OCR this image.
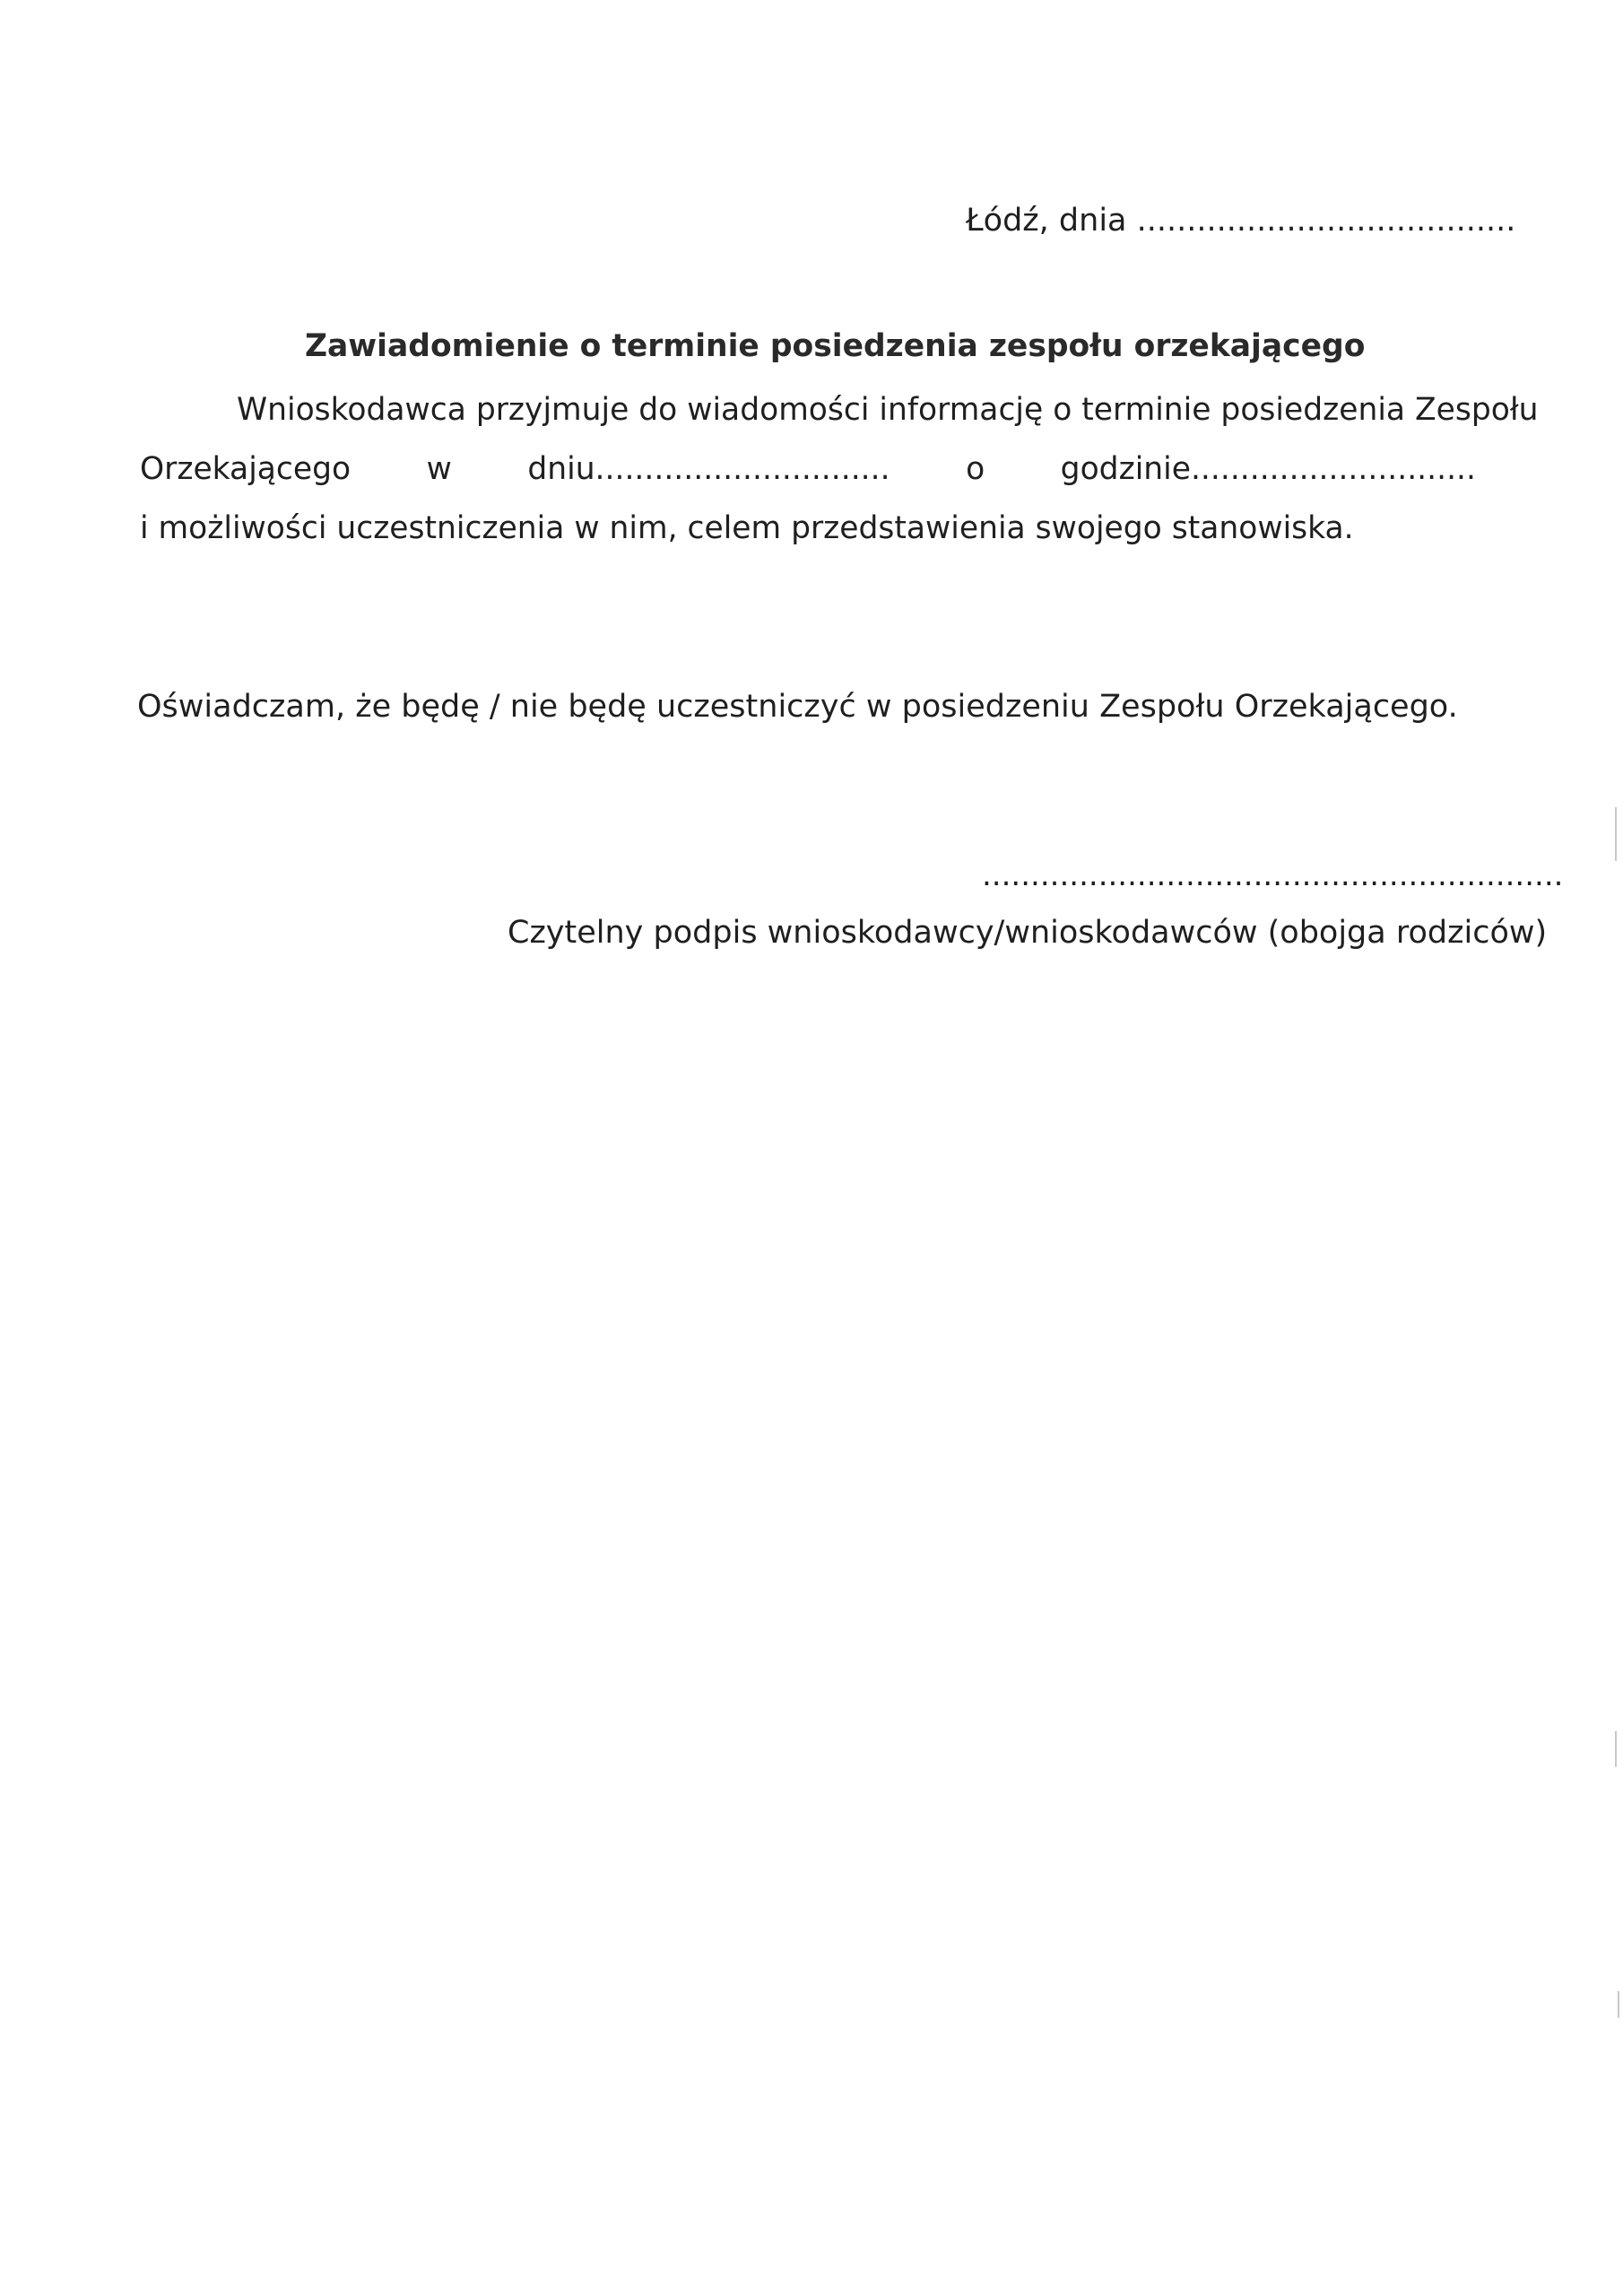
Łódź, dnia ......................................
Zawiadomienie o terminie posiedzenia zespołu orzekającego
Wnioskodawca przyjmuje do wiadomości informację o terminie posiedzenia Zespołu
Orzekającego w dniu.............................. o godzinie.............................
i możliwości uczestniczenia w nim, celem przedstawienia swojego stanowiska.
Oświadczam, że będę / nie będę uczestniczyć w posiedzeniu Zespołu Orzekającego.
............................................................
Czytelny podpis wnioskodawcy/wnioskodawców (obojga rodziców)
